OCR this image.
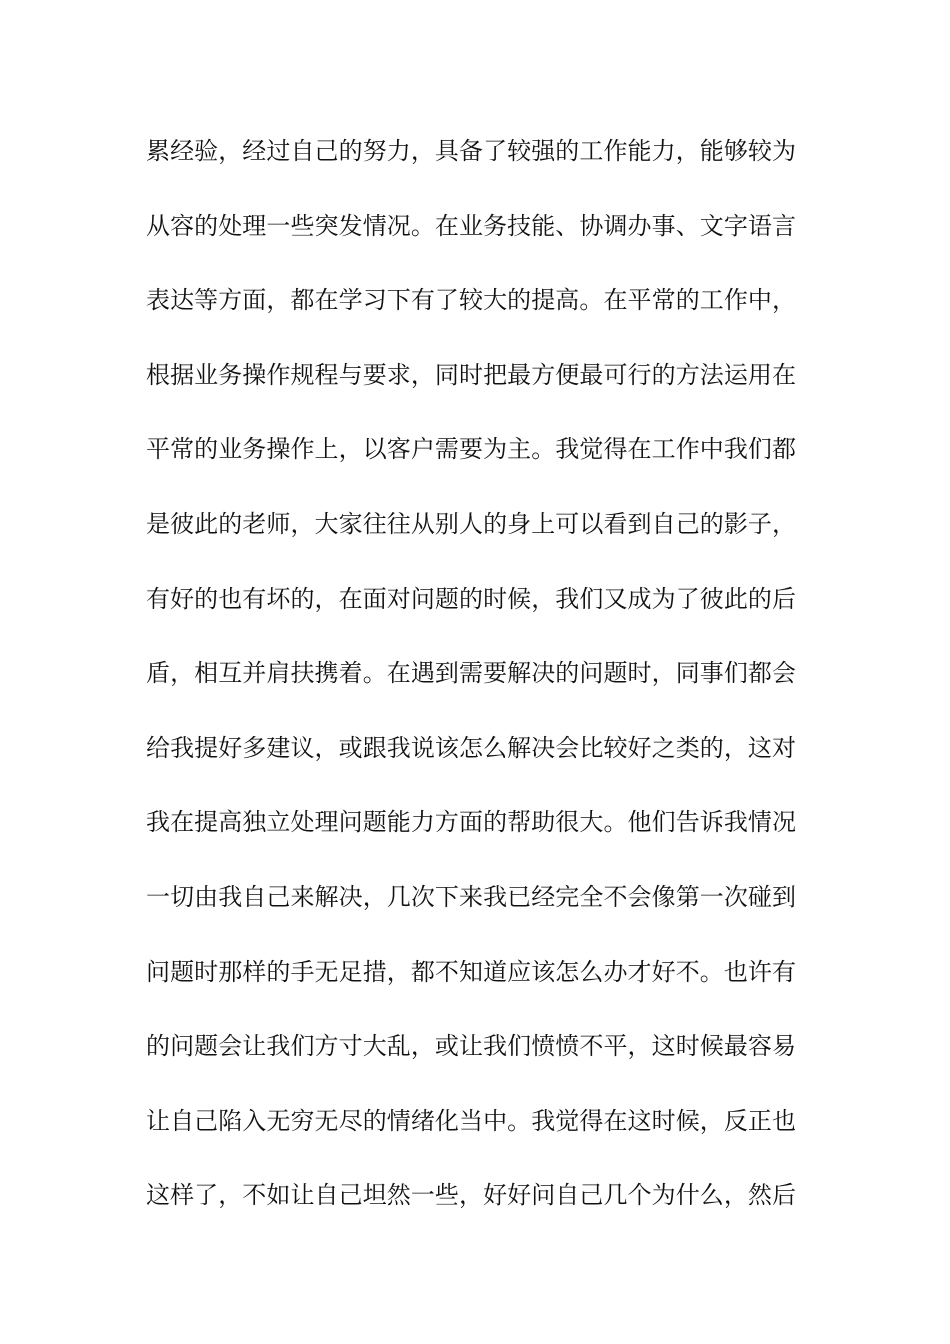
累经验，经过自己的努力，具备了较强的工作能力，能够较为
从容的处理一些突发情况。在业务技能、协调办事、文字语言
表达等方面，都在学习下有了较大的提高。在平常的工作中，
根据业务操作规程与要求，同时把最方便最可行的方法运用在
平常的业务操作上，以客户需要为主。我觉得在工作中我们都
是彼此的老师，大家往往从别人的身上可以看到自己的影子，
有好的也有坏的，在面对问题的时候，我们又成为了彼此的后
盾，相互并肩扶携着。在遇到需要解决的问题时，同事们都会
给我提好多建议，或跟我说该怎么解决会比较好之类的，这对
我在提高独立处理问题能力方面的帮助很大。他们告诉我情况
一切由我自己来解决，几次下来我已经完全不会像第一次碰到
问题时那样的手无足措，都不知道应该怎么办才好不。也许有
的问题会让我们方寸大乱，或让我们愤愤不平，这时候最容易
让自己陷入无穷无尽的情绪化当中。我觉得在这时候，反正也
这样了，不如让自己坦然一些，好好问自己几个为什么，然后
